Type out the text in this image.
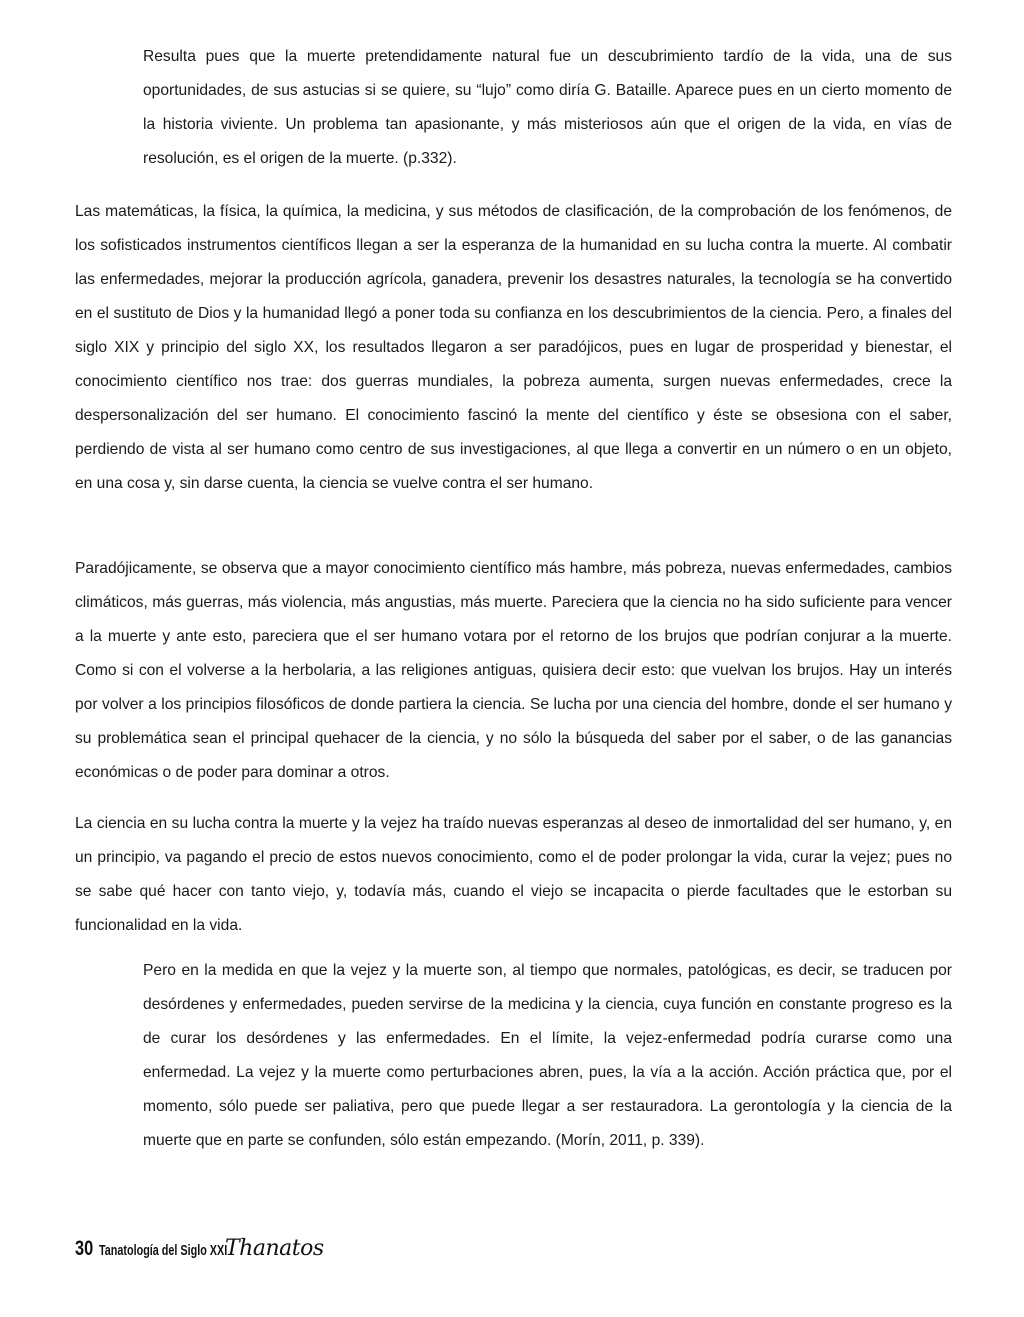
Resulta pues que la muerte pretendidamente natural fue un descubrimiento tardío de la vida, una de sus oportunidades, de sus astucias si se quiere, su “lujo” como diría G. Bataille. Aparece pues en un cierto momento de la historia viviente. Un problema tan apasionante, y más misteriosos aún que el origen de la vida, en vías de resolución, es el origen de la muerte. (p.332).

Las matemáticas, la física, la química, la medicina, y sus métodos de clasificación, de la comprobación de los fenómenos, de los sofisticados instrumentos científicos llegan a ser la esperanza de la humanidad en su lucha contra la muerte. Al combatir las enfermedades, mejorar la producción agrícola, ganadera, prevenir los desastres naturales, la tecnología se ha convertido en el sustituto de Dios y la humanidad llegó a poner toda su confianza en los descubrimientos de la ciencia. Pero, a finales del siglo XIX y principio del siglo XX, los resultados llegaron a ser paradójicos, pues en lugar de prosperidad y bienestar, el conocimiento científico nos trae: dos guerras mundiales, la pobreza aumenta, surgen nuevas enfermedades, crece la despersonalización del ser humano. El conocimiento fascinó la mente del científico y éste se obsesiona con el saber, perdiendo de vista al ser humano como centro de sus investigaciones, al que llega a convertir en un número o en un objeto, en una cosa y, sin darse cuenta, la ciencia se vuelve contra el ser humano.

Paradójicamente, se observa que a mayor conocimiento científico más hambre, más pobreza, nuevas enfermedades, cambios climáticos, más guerras, más violencia, más angustias, más muerte. Pareciera que la ciencia no ha sido suficiente para vencer a la muerte y ante esto, pareciera que el ser humano votara por el retorno de los brujos que podrían conjurar a la muerte. Como si con el volverse a la herbolaria, a las religiones antiguas, quisiera decir esto: que vuelvan los brujos. Hay un interés por volver a los principios filosóficos de donde partiera la ciencia. Se lucha por una ciencia del hombre, donde el ser humano y su problemática sean el principal quehacer de la ciencia, y no sólo la búsqueda del saber por el saber, o de las ganancias económicas o de poder para dominar a otros.

La ciencia en su lucha contra la muerte y la vejez ha traído nuevas esperanzas al deseo de inmortalidad del ser humano, y, en un principio, va pagando el precio de estos nuevos conocimiento, como el de poder prolongar la vida, curar la vejez; pues no se sabe qué hacer con tanto viejo, y, todavía más, cuando el viejo se incapacita o pierde facultades que le estorban su funcionalidad en la vida.

Pero en la medida en que la vejez y la muerte son, al tiempo que normales, patológicas, es decir, se traducen por desórdenes y enfermedades, pueden servirse de la medicina y la ciencia, cuya función en constante progreso es la de curar los desórdenes y las enfermedades. En el límite, la vejez-enfermedad podría curarse como una enfermedad. La vejez y la muerte como perturbaciones abren, pues, la vía a la acción. Acción práctica que, por el momento, sólo puede ser paliativa, pero que puede llegar a ser restauradora. La gerontología y la ciencia de la muerte que en parte se confunden, sólo están empezando. (Morín, 2011, p. 339).

30 Tanatología del Siglo XXI
Thanatos
